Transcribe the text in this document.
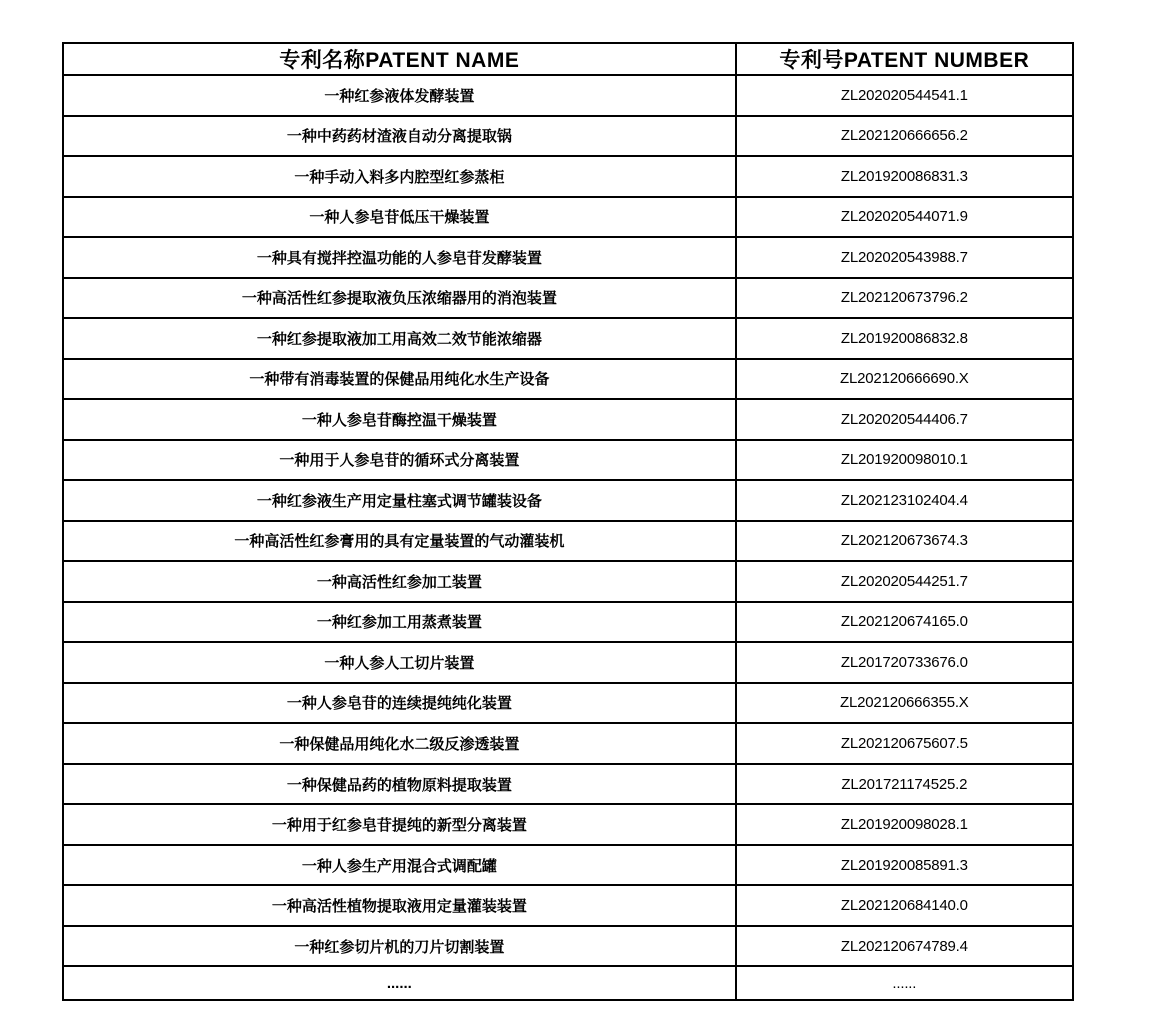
专利名称PATENT NAME	专利号PATENT NUMBER
一种红参液体发酵装置	ZL202020544541.1
一种中药药材渣液自动分离提取锅	ZL202120666656.2
一种手动入料多内腔型红参蒸柜	ZL201920086831.3
一种人参皂苷低压干燥装置	ZL202020544071.9
一种具有搅拌控温功能的人参皂苷发酵装置	ZL202020543988.7
一种高活性红参提取液负压浓缩器用的消泡装置	ZL202120673796.2
一种红参提取液加工用高效二效节能浓缩器	ZL201920086832.8
一种带有消毒装置的保健品用纯化水生产设备	ZL202120666690.X
一种人参皂苷酶控温干燥装置	ZL202020544406.7
一种用于人参皂苷的循环式分离装置	ZL201920098010.1
一种红参液生产用定量柱塞式调节罐装设备	ZL202123102404.4
一种高活性红参膏用的具有定量装置的气动灌装机	ZL202120673674.3
一种高活性红参加工装置	ZL202020544251.7
一种红参加工用蒸煮装置	ZL202120674165.0
一种人参人工切片装置	ZL201720733676.0
一种人参皂苷的连续提纯纯化装置	ZL202120666355.X
一种保健品用纯化水二级反渗透装置	ZL202120675607.5
一种保健品药的植物原料提取装置	ZL201721174525.2
一种用于红参皂苷提纯的新型分离装置	ZL201920098028.1
一种人参生产用混合式调配罐	ZL201920085891.3
一种高活性植物提取液用定量灌装装置	ZL202120684140.0
一种红参切片机的刀片切割装置	ZL202120674789.4
......	......
